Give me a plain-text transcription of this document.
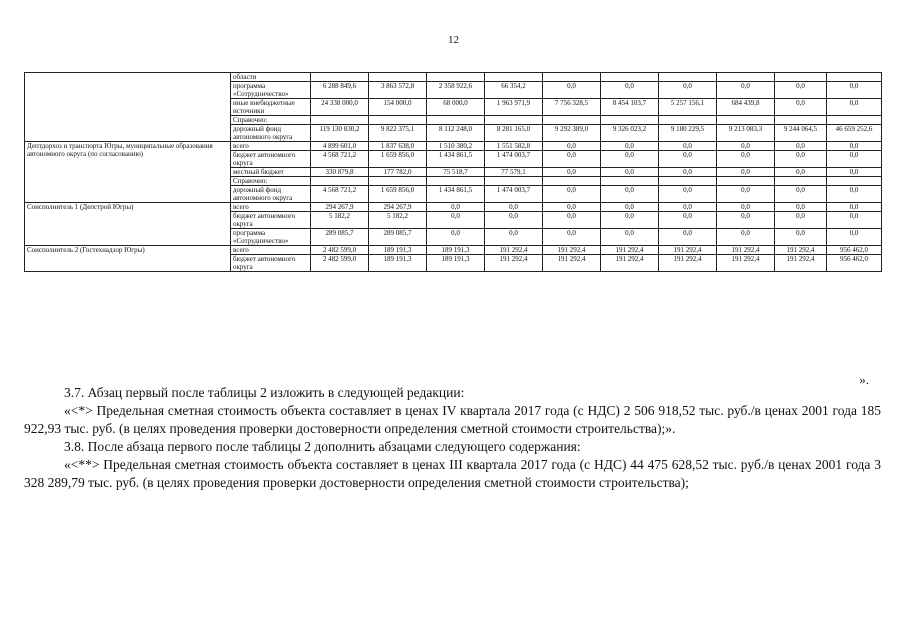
12
	области										
	программа «Сотрудничество»	6 288 849,6	3 863 572,8	2 358 922,6	66 354,2	0,0	0,0	0,0	0,0	0,0	0,0
	иные внебюджетные источники	24 338 000,0	154 000,0	68 000,0	1 963 971,9	7 756 328,5	8 454 103,7	5 257 156,1	684 439,8	0,0	0,0
	Справочно:										
	дорожный фонд автономного округа	119 130 830,2	9 822 375,1	8 112 248,0	8 281 165,0	9 292 389,0	9 326 023,2	9 180 229,5	9 213 083,3	9 244 064,5	46 659 252,6
Дептдорхоз и транспорта Югры, муниципальные образования автономного округа (по согласованию)	всего	4 899 601,0	1 837 638,0	1 510 380,2	1 551 582,8	0,0	0,0	0,0	0,0	0,0	0,0
	бюджет автономного округа	4 568 721,2	1 659 856,0	1 434 861,5	1 474 003,7	0,0	0,0	0,0	0,0	0,0	0,0
	местный бюджет	330 879,8	177 782,0	75 518,7	77 579,1	0,0	0,0	0,0	0,0	0,0	0,0
	Справочно:										
	дорожный фонд автономного округа	4 568 721,2	1 659 856,0	1 434 861,5	1 474 003,7	0,0	0,0	0,0	0,0	0,0	0,0
Соисполнитель 1 (Депстрой Югры)	всего	294 267,9	294 267,9	0,0	0,0	0,0	0,0	0,0	0,0	0,0	0,0
	бюджет автономного округа	5 182,2	5 182,2	0,0	0,0	0,0	0,0	0,0	0,0	0,0	0,0
	программа «Сотрудничество»	289 085,7	289 085,7	0,0	0,0	0,0	0,0	0,0	0,0	0,0	0,0
Соисполнитель 2 (Гостехнадзор Югры)	всего	2 482 599,0	189 191,3	189 191,3	191 292,4	191 292,4	191 292,4	191 292,4	191 292,4	191 292,4	956 462,0
	бюджет автономного округа	2 482 599,0	189 191,3	189 191,3	191 292,4	191 292,4	191 292,4	191 292,4	191 292,4	191 292,4	956 462,0
».

3.7. Абзац первый после таблицы 2 изложить в следующей редакции:

«<*> Предельная сметная стоимость объекта составляет в ценах IV квартала 2017 года (с НДС) 2 506 918,52 тыс. руб./в ценах 2001 года 185 922,93 тыс. руб. (в целях проведения проверки достоверности определения сметной стоимости строительства);».

3.8. После абзаца первого после таблицы 2 дополнить абзацами следующего содержания:

«<**> Предельная сметная стоимость объекта составляет в ценах III квартала 2017 года (с НДС) 44 475 628,52 тыс. руб./в ценах 2001 года 3 328 289,79 тыс. руб. (в целях проведения проверки достоверности определения сметной стоимости строительства);
